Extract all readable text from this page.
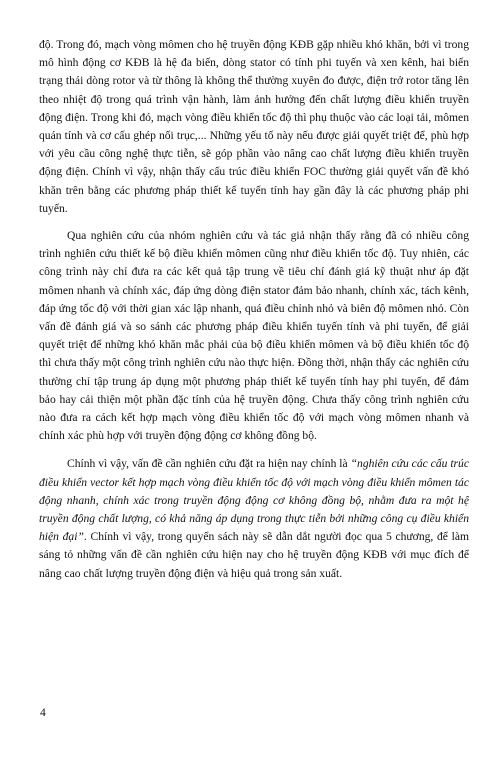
độ. Trong đó, mạch vòng mômen cho hệ truyền động KĐB gặp nhiều khó khăn, bởi vì trong mô hình động cơ KĐB là hệ đa biến, dòng stator có tính phi tuyến và xen kênh, hai biến trạng thái dòng rotor và từ thông là không thể thường xuyên đo được, điện trở rotor tăng lên theo nhiệt độ trong quá trình vận hành, làm ảnh hưởng đến chất lượng điều khiển truyền động điện. Trong khi đó, mạch vòng điều khiển tốc độ thì phụ thuộc vào các loại tải, mômen quán tính và cơ cấu ghép nối trục,... Những yếu tố này nếu được giải quyết triệt để, phù hợp với yêu cầu công nghệ thực tiễn, sẽ góp phần vào nâng cao chất lượng điều khiển truyền động điện. Chính vì vậy, nhận thấy cấu trúc điều khiển FOC thường giải quyết vấn đề khó khăn trên bằng các phương pháp thiết kế tuyến tính hay gần đây là các phương pháp phi tuyến.

Qua nghiên cứu của nhóm nghiên cứu và tác giả nhận thấy rằng đã có nhiều công trình nghiên cứu thiết kế bộ điều khiển mômen cũng như điều khiển tốc độ. Tuy nhiên, các công trình này chỉ đưa ra các kết quả tập trung về tiêu chí đánh giá kỹ thuật như áp đặt mômen nhanh và chính xác, đáp ứng dòng điện stator đảm bảo nhanh, chính xác, tách kênh, đáp ứng tốc độ với thời gian xác lập nhanh, quá điều chỉnh nhỏ và biên độ mômen nhỏ. Còn vấn đề đánh giá và so sánh các phương pháp điều khiển tuyến tính và phi tuyến, để giải quyết triệt để những khó khăn mắc phải của bộ điều khiển mômen và bộ điều khiển tốc độ thì chưa thấy một công trình nghiên cứu nào thực hiện. Đồng thời, nhận thấy các nghiên cứu thường chỉ tập trung áp dụng một phương pháp thiết kế tuyến tính hay phi tuyến, để đảm bảo hay cải thiện một phần đặc tính của hệ truyền động. Chưa thấy công trình nghiên cứu nào đưa ra cách kết hợp mạch vòng điều khiển tốc độ với mạch vòng mômen nhanh và chính xác phù hợp với truyền động động cơ không đồng bộ.

Chính vì vậy, vấn đề cần nghiên cứu đặt ra hiện nay chính là “nghiên cứu các cấu trúc điều khiển vector kết hợp mạch vòng điều khiển tốc độ với mạch vòng điều khiển mômen tác động nhanh, chính xác trong truyền động động cơ không đồng bộ, nhằm đưa ra một hệ truyền động chất lượng, có khả năng áp dụng trong thực tiễn bởi những công cụ điều khiển hiện đại”. Chính vì vậy, trong quyển sách này sẽ dẫn dắt người đọc qua 5 chương, để làm sáng tỏ những vấn đề cần nghiên cứu hiện nay cho hệ truyền động KĐB với mục đích để nâng cao chất lượng truyền động điện và hiệu quả trong sản xuất.

4
